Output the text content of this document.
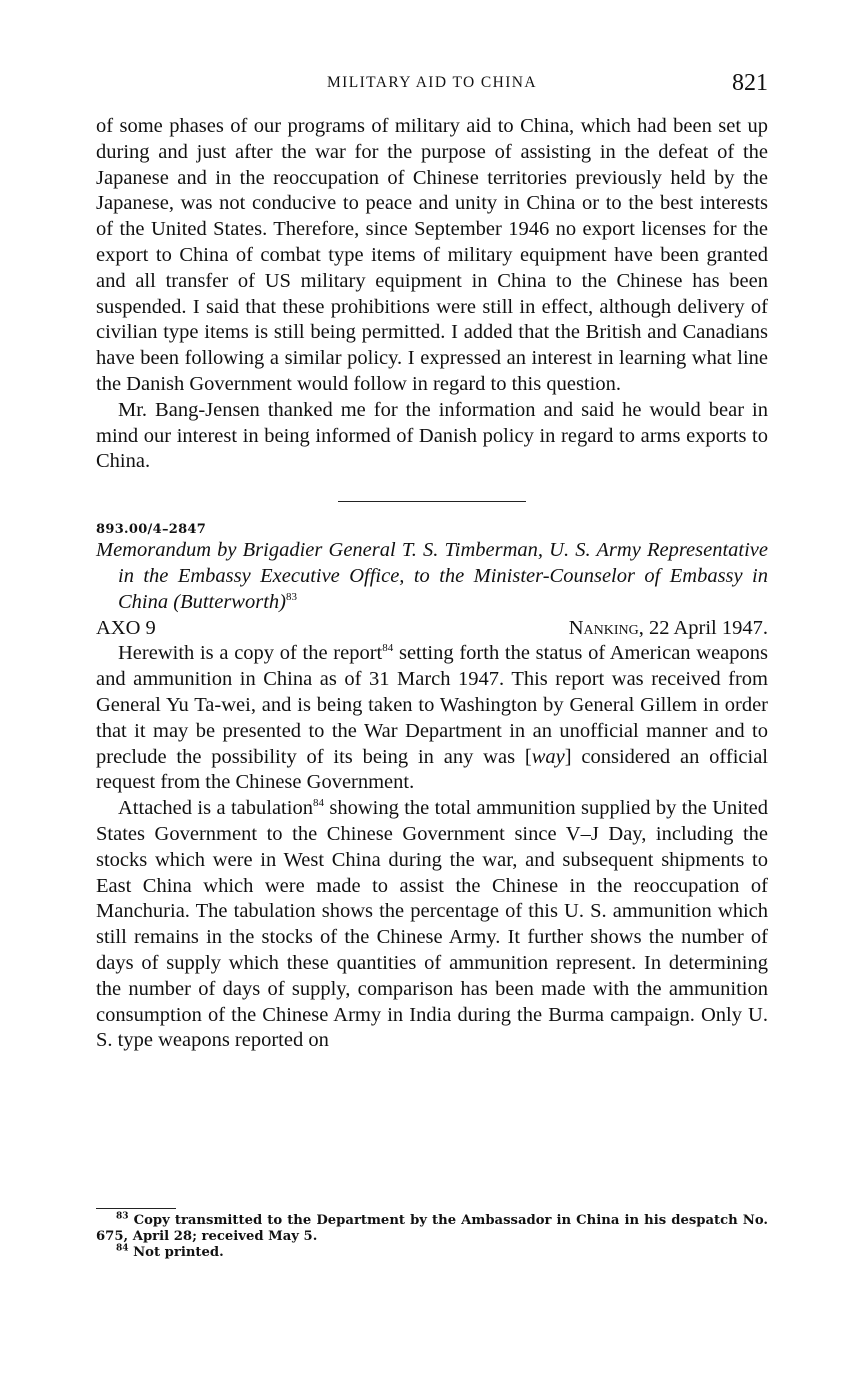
MILITARY AID TO CHINA	821

of some phases of our programs of military aid to China, which had been set up during and just after the war for the purpose of assisting in the defeat of the Japanese and in the reoccupation of Chinese territories previously held by the Japanese, was not conducive to peace and unity in China or to the best interests of the United States. Therefore, since September 1946 no export licenses for the export to China of combat type items of military equipment have been granted and all transfer of US military equipment in China to the Chinese has been suspended. I said that these prohibitions were still in effect, although delivery of civilian type items is still being permitted. I added that the British and Canadians have been following a similar policy. I expressed an interest in learning what line the Danish Government would follow in regard to this question.

Mr. Bang-Jensen thanked me for the information and said he would bear in mind our interest in being informed of Danish policy in regard to arms exports to China.

893.00/4–2847

Memorandum by Brigadier General T. S. Timberman, U. S. Army Representative in the Embassy Executive Office, to the Minister-Counselor of Embassy in China (Butterworth)$^{83}$

AXO 9	Nanking, 22 April 1947.

Herewith is a copy of the report$^{84}$ setting forth the status of American weapons and ammunition in China as of 31 March 1947. This report was received from General Yu Ta-wei, and is being taken to Washington by General Gillem in order that it may be presented to the War Department in an unofficial manner and to preclude the possibility of its being in any was [way] considered an official request from the Chinese Government.

Attached is a tabulation$^{84}$ showing the total ammunition supplied by the United States Government to the Chinese Government since V–J Day, including the stocks which were in West China during the war, and subsequent shipments to East China which were made to assist the Chinese in the reoccupation of Manchuria. The tabulation shows the percentage of this U. S. ammunition which still remains in the stocks of the Chinese Army. It further shows the number of days of supply which these quantities of ammunition represent. In determining the number of days of supply, comparison has been made with the ammunition consumption of the Chinese Army in India during the Burma campaign. Only U. S. type weapons reported on

$^{83}$ Copy transmitted to the Department by the Ambassador in China in his despatch No. 675, April 28; received May 5.

$^{84}$ Not printed.
